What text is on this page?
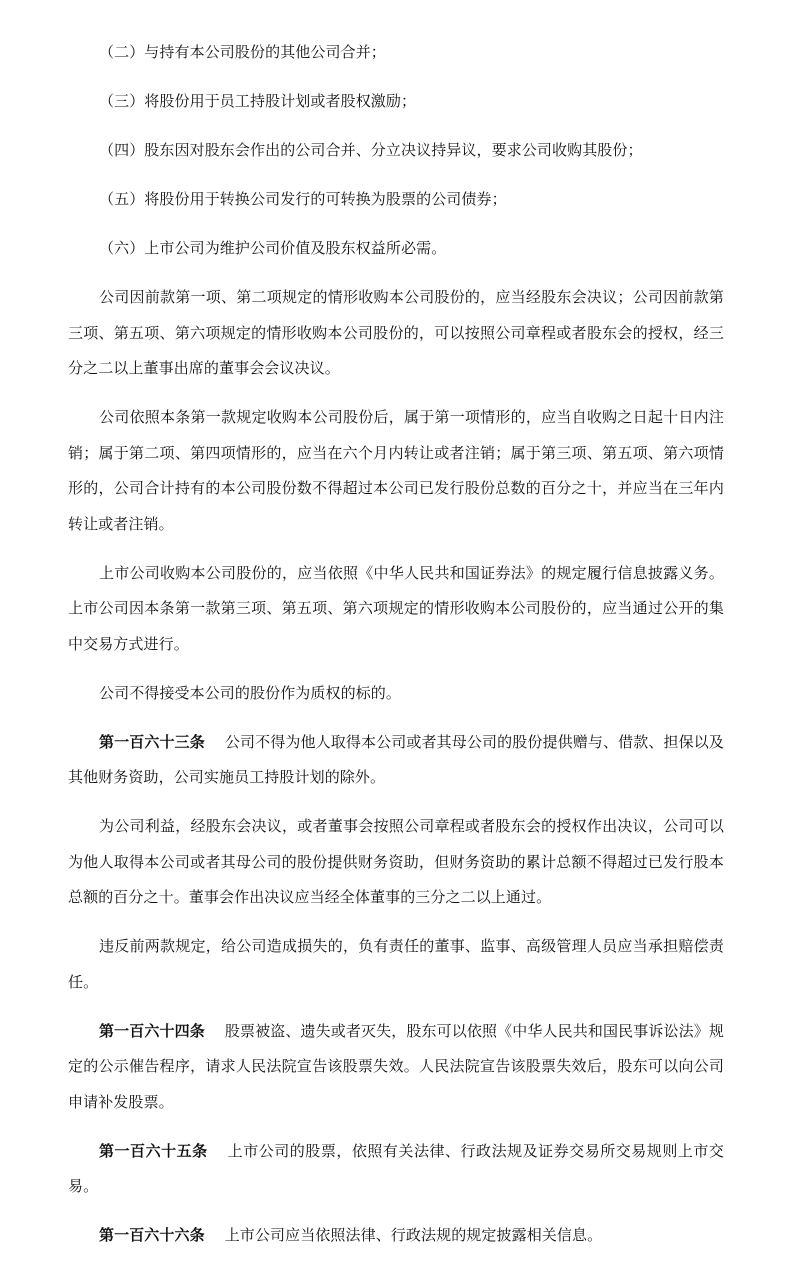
（二）与持有本公司股份的其他公司合并；

（三）将股份用于员工持股计划或者股权激励；

（四）股东因对股东会作出的公司合并、分立决议持异议，要求公司收购其股份；

（五）将股份用于转换公司发行的可转换为股票的公司债券；

（六）上市公司为维护公司价值及股东权益所必需。

公司因前款第一项、第二项规定的情形收购本公司股份的，应当经股东会决议；公司因前款第三项、第五项、第六项规定的情形收购本公司股份的，可以按照公司章程或者股东会的授权，经三分之二以上董事出席的董事会会议决议。

公司依照本条第一款规定收购本公司股份后，属于第一项情形的，应当自收购之日起十日内注销；属于第二项、第四项情形的，应当在六个月内转让或者注销；属于第三项、第五项、第六项情形的，公司合计持有的本公司股份数不得超过本公司已发行股份总数的百分之十，并应当在三年内转让或者注销。

上市公司收购本公司股份的，应当依照《中华人民共和国证券法》的规定履行信息披露义务。上市公司因本条第一款第三项、第五项、第六项规定的情形收购本公司股份的，应当通过公开的集中交易方式进行。

公司不得接受本公司的股份作为质权的标的。

第一百六十三条 公司不得为他人取得本公司或者其母公司的股份提供赠与、借款、担保以及其他财务资助，公司实施员工持股计划的除外。

为公司利益，经股东会决议，或者董事会按照公司章程或者股东会的授权作出决议，公司可以为他人取得本公司或者其母公司的股份提供财务资助，但财务资助的累计总额不得超过已发行股本总额的百分之十。董事会作出决议应当经全体董事的三分之二以上通过。

违反前两款规定，给公司造成损失的，负有责任的董事、监事、高级管理人员应当承担赔偿责任。

第一百六十四条 股票被盗、遗失或者灭失，股东可以依照《中华人民共和国民事诉讼法》规定的公示催告程序，请求人民法院宣告该股票失效。人民法院宣告该股票失效后，股东可以向公司申请补发股票。

第一百六十五条 上市公司的股票，依照有关法律、行政法规及证券交易所交易规则上市交易。

第一百六十六条 上市公司应当依照法律、行政法规的规定披露相关信息。
